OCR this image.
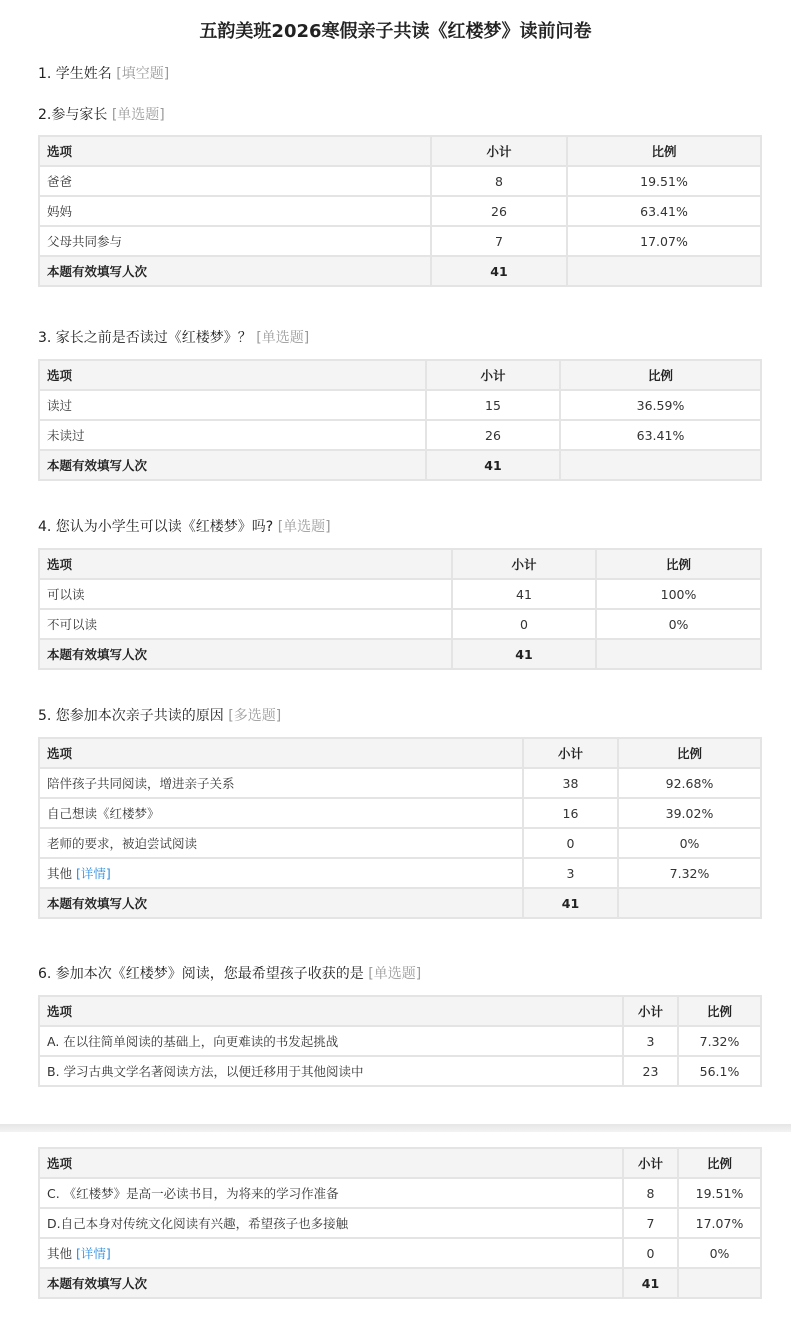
五韵美班2026寒假亲子共读《红楼梦》读前问卷
1. 学生姓名 [填空题]
2.参与家长 [单选题]
选项	小计	比例
爸爸	8	19.51%
妈妈	26	63.41%
父母共同参与	7	17.07%
本题有效填写人次	41	
3. 家长之前是否读过《红楼梦》？ [单选题]
选项	小计	比例
读过	15	36.59%
未读过	26	63.41%
本题有效填写人次	41	
4. 您认为小学生可以读《红楼梦》吗? [单选题]
选项	小计	比例
可以读	41	100%
不可以读	0	0%
本题有效填写人次	41	
5. 您参加本次亲子共读的原因 [多选题]
选项	小计	比例
陪伴孩子共同阅读，增进亲子关系	38	92.68%
自己想读《红楼梦》	16	39.02%
老师的要求，被迫尝试阅读	0	0%
其他 [详情]	3	7.32%
本题有效填写人次	41	
6. 参加本次《红楼梦》阅读，您最希望孩子收获的是 [单选题]
选项	小计	比例
A. 在以往简单阅读的基础上，向更难读的书发起挑战	3	7.32%
B. 学习古典文学名著阅读方法，以便迁移用于其他阅读中	23	56.1%
选项	小计	比例
C. 《红楼梦》是高一必读书目，为将来的学习作准备	8	19.51%
D.自己本身对传统文化阅读有兴趣，希望孩子也多接触	7	17.07%
其他 [详情]	0	0%
本题有效填写人次	41	
